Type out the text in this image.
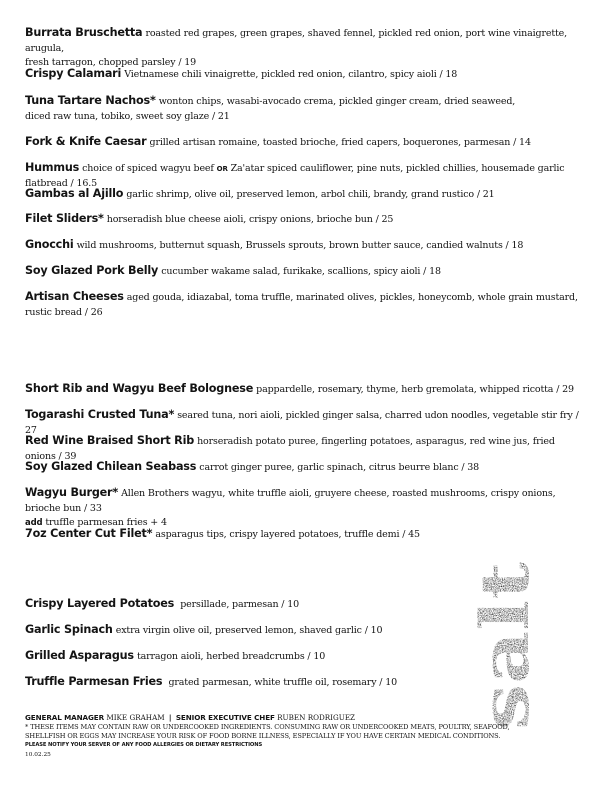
Burrata Bruschetta roasted red grapes, green grapes, shaved fennel, pickled red onion, port wine vinaigrette, arugula,
fresh tarragon, chopped parsley / 19
Crispy Calamari Vietnamese chili vinaigrette, pickled red onion, cilantro, spicy aioli / 18
Tuna Tartare Nachos* wonton chips, wasabi-avocado crema, pickled ginger cream, dried seaweed,
diced raw tuna, tobiko, sweet soy glaze / 21
Fork & Knife Caesar grilled artisan romaine, toasted brioche, fried capers, boquerones, parmesan / 14
Hummus choice of spiced wagyu beef OR Za'atar spiced cauliflower, pine nuts, pickled chillies, housemade garlic flatbread / 16.5
Gambas al Ajillo garlic shrimp, olive oil, preserved lemon, arbol chili, brandy, grand rustico / 21
Filet Sliders* horseradish blue cheese aioli, crispy onions, brioche bun / 25
Gnocchi wild mushrooms, butternut squash, Brussels sprouts, brown butter sauce, candied walnuts / 18
Soy Glazed Pork Belly cucumber wakame salad, furikake, scallions, spicy aioli / 18
Artisan Cheeses aged gouda, idiazabal, toma truffle, marinated olives, pickles, honeycomb, whole grain mustard,
rustic bread / 26
Short Rib and Wagyu Beef Bolognese pappardelle, rosemary, thyme, herb gremolata, whipped ricotta / 29
Togarashi Crusted Tuna* seared tuna, nori aioli, pickled ginger salsa, charred udon noodles, vegetable stir fry / 27
Red Wine Braised Short Rib horseradish potato puree, fingerling potatoes, asparagus, red wine jus, fried onions / 39
Soy Glazed Chilean Seabass carrot ginger puree, garlic spinach, citrus beurre blanc / 38
Wagyu Burger* Allen Brothers wagyu, white truffle aioli, gruyere cheese, roasted mushrooms, crispy onions, brioche bun / 33
add truffle parmesan fries + 4
7oz Center Cut Filet* asparagus tips, crispy layered potatoes, truffle demi / 45
Crispy Layered Potatoes persillade, parmesan / 10
Garlic Spinach extra virgin olive oil, preserved lemon, shaved garlic / 10
Grilled Asparagus tarragon aioli, herbed breadcrumbs / 10
Truffle Parmesan Fries grated parmesan, white truffle oil, rosemary / 10
GENERAL MANAGER MIKE GRAHAM | SENIOR EXECUTIVE CHEF RUBEN RODRIGUEZ
* THESE ITEMS MAY CONTAIN RAW OR UNDERCOOKED INGREDIENTS. CONSUMING RAW OR UNDERCOOKED MEATS, POULTRY, SEAFOOD,
SHELLFISH OR EGGS MAY INCREASE YOUR RISK OF FOOD BORNE ILLNESS, ESPECIALLY IF YOU HAVE CERTAIN MEDICAL CONDITIONS.
PLEASE NOTIFY YOUR SERVER OF ANY FOOD ALLERGIES OR DIETARY RESTRICTIONS
10.02.25
salt
